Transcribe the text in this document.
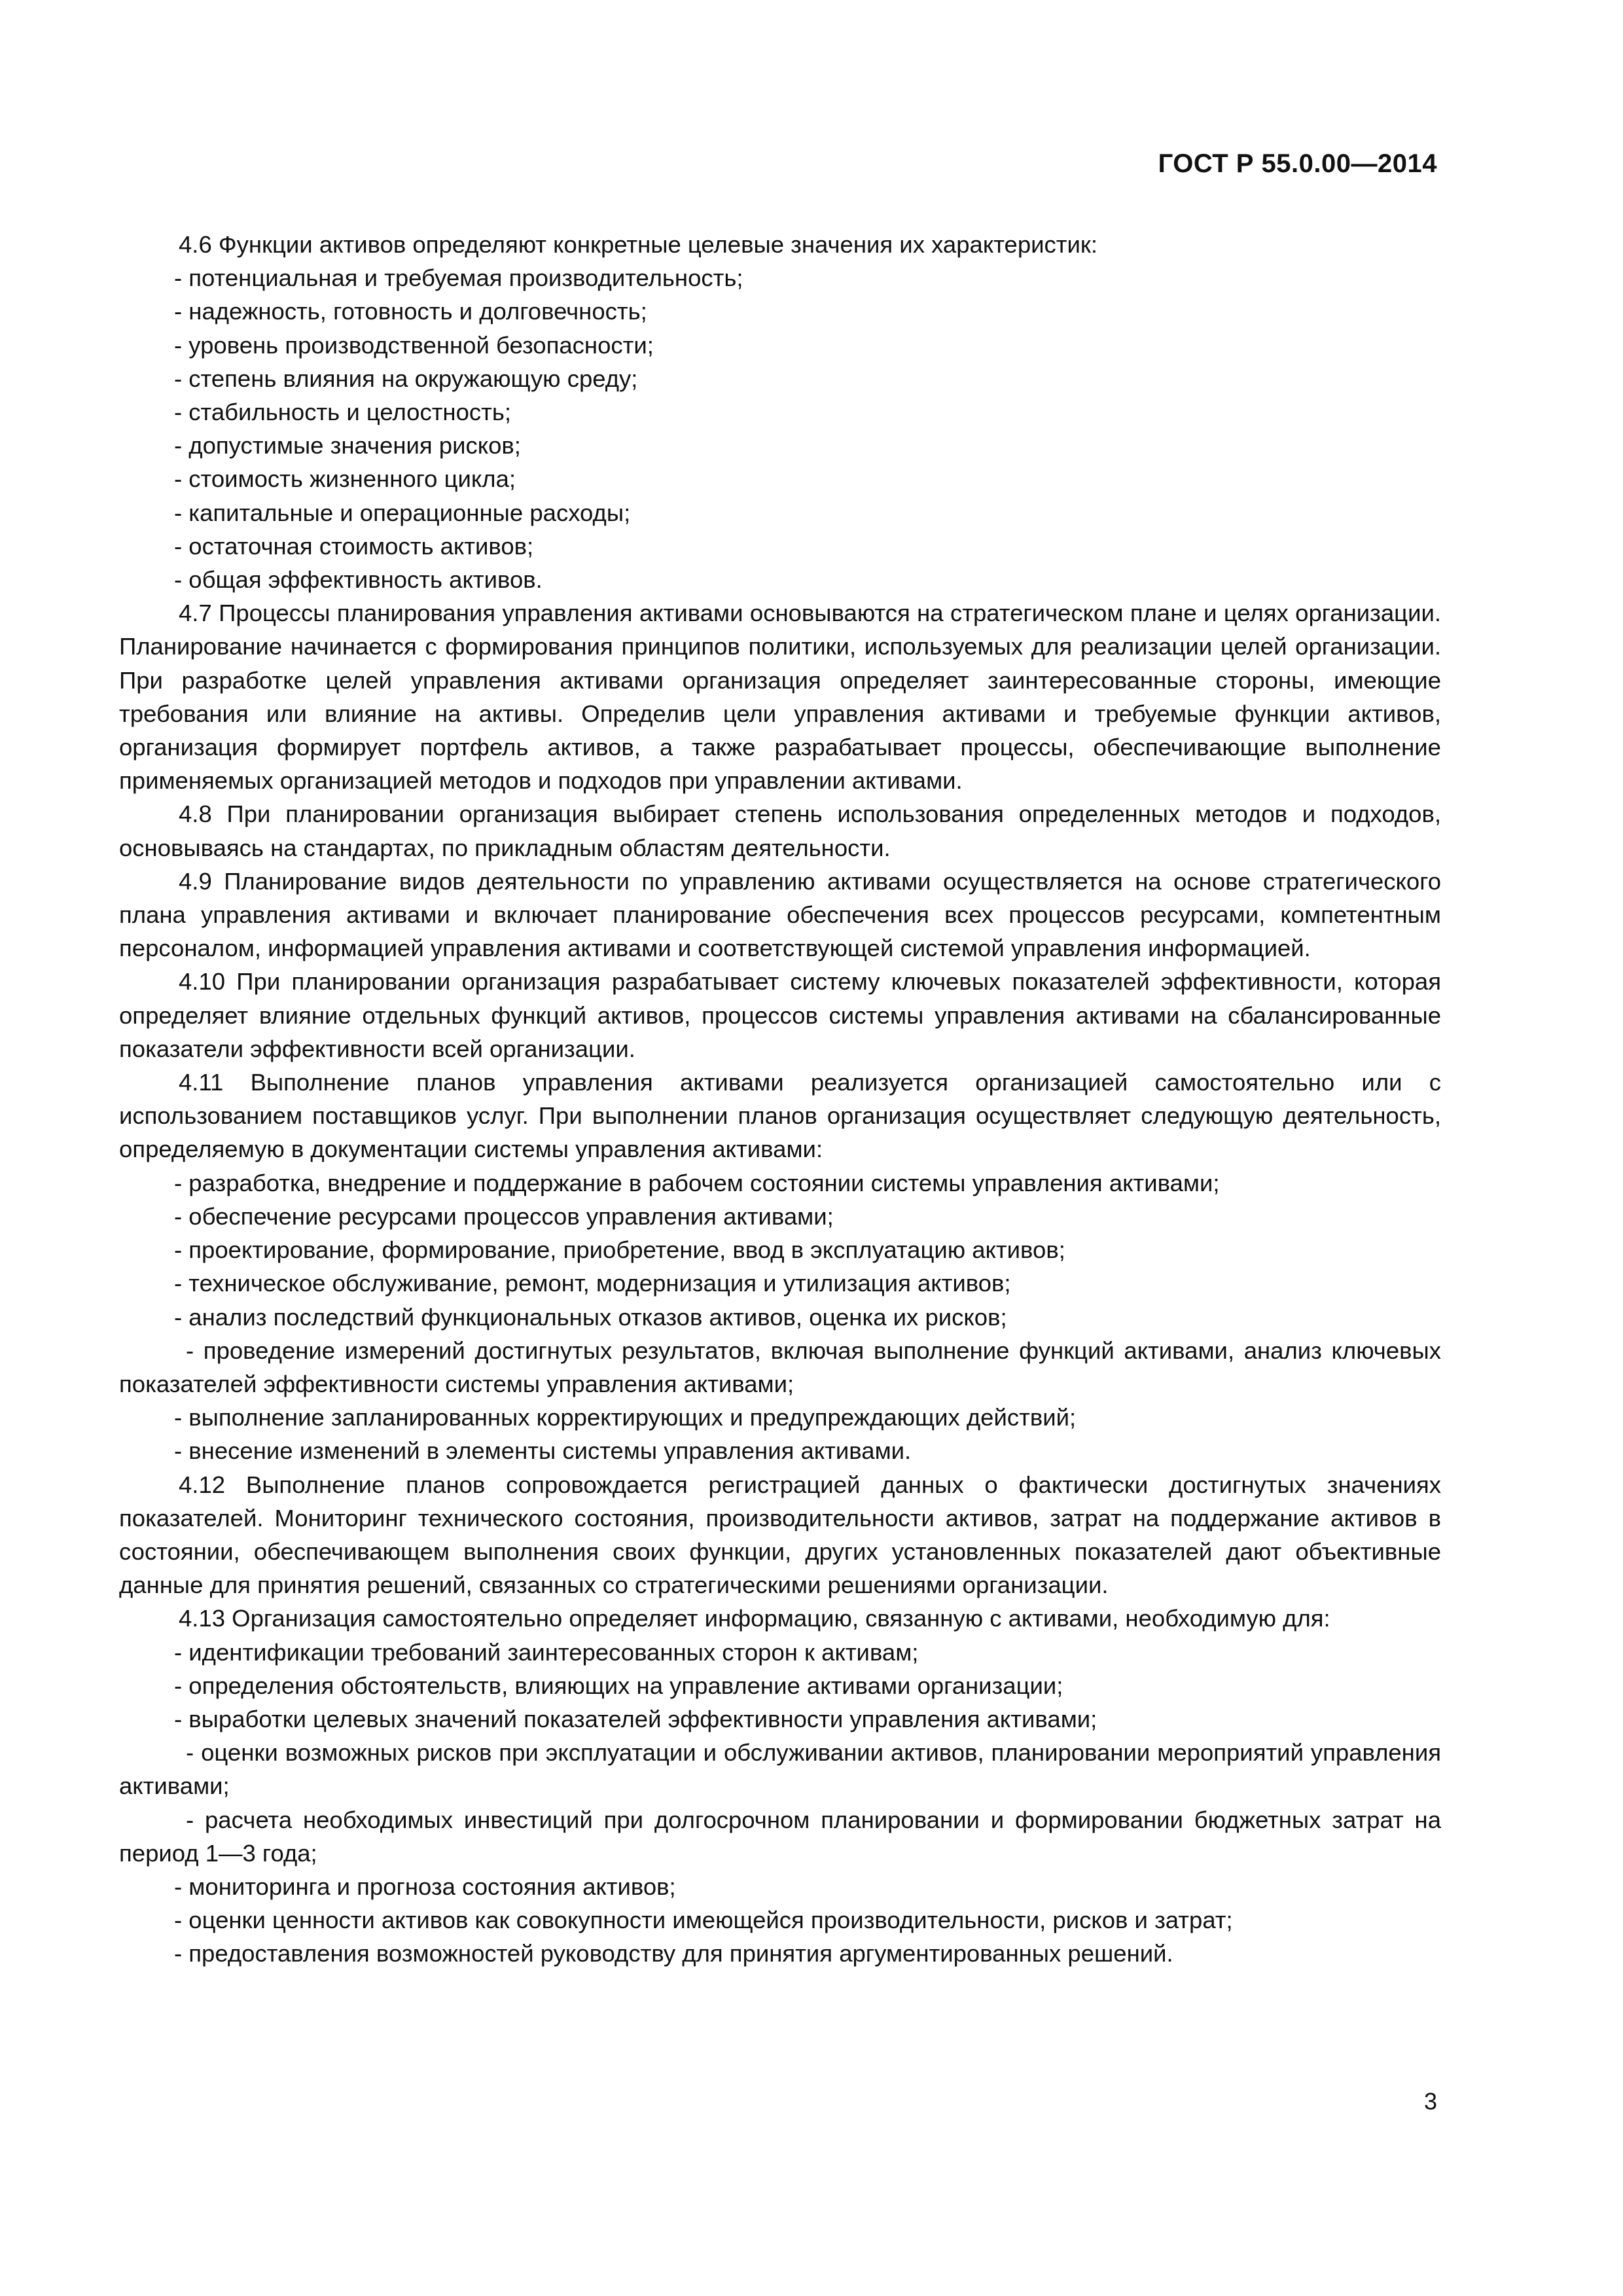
ГОСТ Р 55.0.00—2014

4.6 Функции активов определяют конкретные целевые значения их характеристик:

- потенциальная и требуемая производительность;

- надежность, готовность и долговечность;

- уровень производственной безопасности;

- степень влияния на окружающую среду;

- стабильность и целостность;

- допустимые значения рисков;

- стоимость жизненного цикла;

- капитальные и операционные расходы;

- остаточная стоимость активов;

- общая эффективность активов.

4.7 Процессы планирования управления активами основываются на стратегическом плане и целях организации. Планирование начинается с формирования принципов политики, используемых для реализации целей организации. При разработке целей управления активами организация определяет заинтересованные стороны, имеющие требования или влияние на активы. Определив цели управления активами и требуемые функции активов, организация формирует портфель активов, а также разрабатывает процессы, обеспечивающие выполнение применяемых организацией методов и подходов при управлении активами.

4.8 При планировании организация выбирает степень использования определенных методов и подходов, основываясь на стандартах, по прикладным областям деятельности.

4.9 Планирование видов деятельности по управлению активами осуществляется на основе стратегического плана управления активами и включает планирование обеспечения всех процессов ресурсами, компетентным персоналом, информацией управления активами и соответствующей системой управления информацией.

4.10 При планировании организация разрабатывает систему ключевых показателей эффективности, которая определяет влияние отдельных функций активов, процессов системы управления активами на сбалансированные показатели эффективности всей организации.

4.11 Выполнение планов управления активами реализуется организацией самостоятельно или с использованием поставщиков услуг. При выполнении планов организация осуществляет следующую деятельность, определяемую в документации системы управления активами:

- разработка, внедрение и поддержание в рабочем состоянии системы управления активами;

- обеспечение ресурсами процессов управления активами;

- проектирование, формирование, приобретение, ввод в эксплуатацию активов;

- техническое обслуживание, ремонт, модернизация и утилизация активов;

- анализ последствий функциональных отказов активов, оценка их рисков;

- проведение измерений достигнутых результатов, включая выполнение функций активами, анализ ключевых показателей эффективности системы управления активами;

- выполнение запланированных корректирующих и предупреждающих действий;

- внесение изменений в элементы системы управления активами.

4.12 Выполнение планов сопровождается регистрацией данных о фактически достигнутых значениях показателей. Мониторинг технического состояния, производительности активов, затрат на поддержание активов в состоянии, обеспечивающем выполнения своих функции, других установленных показателей дают объективные данные для принятия решений, связанных со стратегическими решениями организации.

4.13 Организация самостоятельно определяет информацию, связанную с активами, необходимую для:

- идентификации требований заинтересованных сторон к активам;

- определения обстоятельств, влияющих на управление активами организации;

- выработки целевых значений показателей эффективности управления активами;

- оценки возможных рисков при эксплуатации и обслуживании активов, планировании мероприятий управления активами;

- расчета необходимых инвестиций при долгосрочном планировании и формировании бюджетных затрат на период 1—3 года;

- мониторинга и прогноза состояния активов;

- оценки ценности активов как совокупности имеющейся производительности, рисков и затрат;

- предоставления возможностей руководству для принятия аргументированных решений.

3
